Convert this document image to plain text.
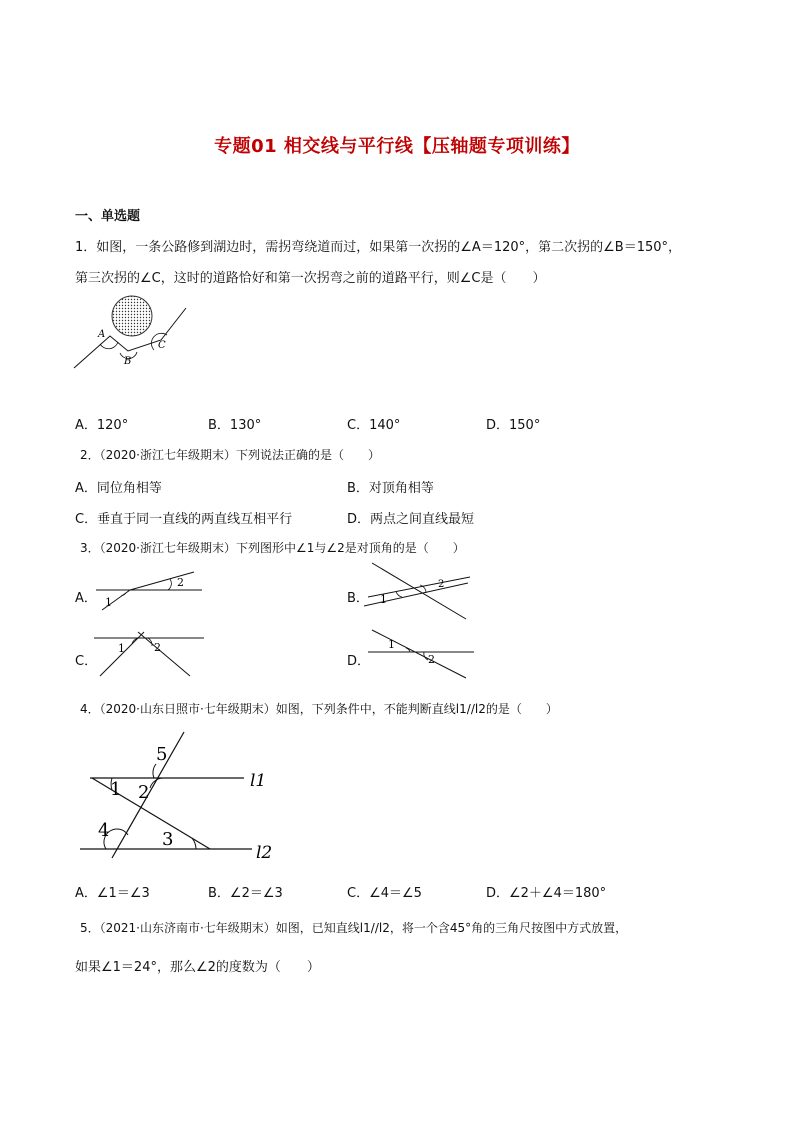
专题01 相交线与平行线【压轴题专项训练】
一、单选题
1．如图，一条公路修到湖边时，需拐弯绕道而过，如果第一次拐的∠A＝120°，第二次拐的∠B＝150°，
第三次拐的∠C，这时的道路恰好和第一次拐弯之前的道路平行，则∠C是（　　）
A
B
C
A．120°	B．130°	C．140°	D．150°
2．（2020·浙江七年级期末）下列说法正确的是（　　）
A．同位角相等	B．对顶角相等
C．垂直于同一直线的两直线互相平行	D．两点之间直线最短
3．（2020·浙江七年级期末）下列图形中∠1与∠2是对顶角的是（　　）
A． 1
2
B． 1
2
C．
1	2
D．
1
2
4．（2020·山东日照市·七年级期末）如图，下列条件中，不能判断直线l1//l2的是（　　）
5
1 2
4	3
l1
l2
A．∠1＝∠3	B．∠2＝∠3	C．∠4＝∠5	D．∠2＋∠4＝180°
5．（2021·山东济南市·七年级期末）如图，已知直线l1//l2，将一个含45°角的三角尺按图中方式放置，
如果∠1＝24°，那么∠2的度数为（　　）
